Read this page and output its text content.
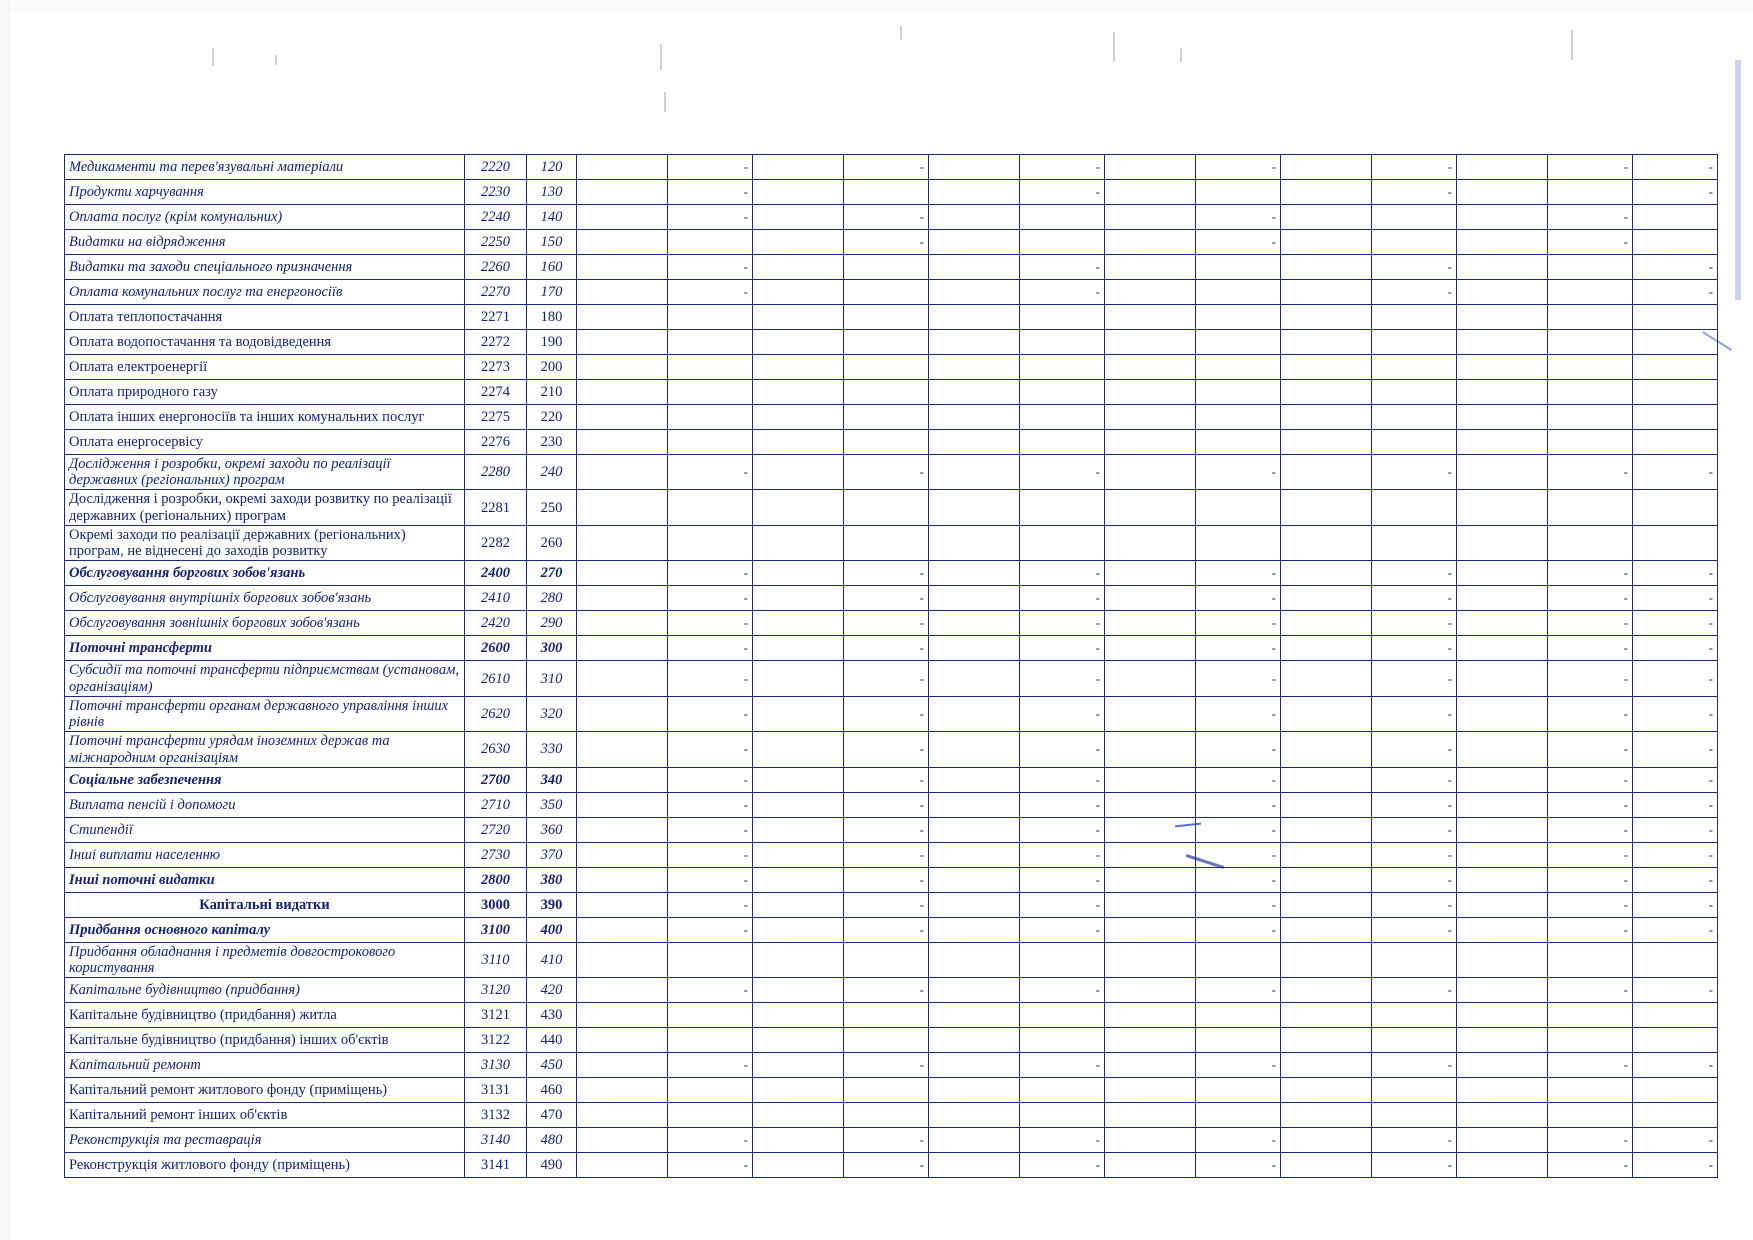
Медикаменти та перев'язувальні матеріали	2220	120		-		-		-		-		-		-	-
Продукти харчування	2230	130		-				-				-			-
Оплата послуг (крім комунальних)	2240	140		-		-				-				-	
Видатки на відрядження	2250	150				-				-				-	
Видатки та заходи спеціального призначення	2260	160		-				-				-			-
Оплата комунальних послуг та енергоносіїв	2270	170		-				-				-			-
Оплата теплопостачання	2271	180													
Оплата водопостачання та водовідведення	2272	190													
Оплата електроенергії	2273	200													
Оплата природного газу	2274	210													
Оплата інших енергоносіїв та інших комунальних послуг	2275	220													
Оплата енергосервісу	2276	230													
Дослідження і розробки, окремі заходи по реалізації державних (регіональних) програм	2280	240		-		-		-		-		-		-	-
Дослідження і розробки, окремі заходи розвитку по реалізації державних (регіональних) програм	2281	250													
Окремі заходи по реалізації державних (регіональних) програм, не віднесені до заходів розвитку	2282	260													
Обслуговування боргових зобов'язань	2400	270		-		-		-		-		-		-	-
Обслуговування внутрішніх боргових зобов'язань	2410	280		-		-		-		-		-		-	-
Обслуговування зовнішніх боргових зобов'язань	2420	290		-		-		-		-		-		-	-
Поточні трансферти	2600	300		-		-		-		-		-		-	-
Субсидії та поточні трансферти підприємствам (установам, організаціям)	2610	310		-		-		-		-		-		-	-
Поточні трансферти органам державного управління інших рівнів	2620	320		-		-		-		-		-		-	-
Поточні трансферти урядам іноземних держав та міжнародним організаціям	2630	330		-		-		-		-		-		-	-
Соціальне забезпечення	2700	340		-		-		-		-		-		-	-
Виплата пенсій і допомоги	2710	350		-		-		-		-		-		-	-
Стипендії	2720	360		-		-		-		-		-		-	-
Інші виплати населенню	2730	370		-		-		-		-		-		-	-
Інші поточні видатки	2800	380		-		-		-		-		-		-	-
Капітальні видатки	3000	390		-		-		-		-		-		-	-
Придбання основного капіталу	3100	400		-		-		-		-		-		-	-
Придбання обладнання і предметів довгострокового користування	3110	410													
Капітальне будівництво (придбання)	3120	420		-		-		-		-		-		-	-
Капітальне будівництво (придбання) житла	3121	430													
Капітальне будівництво (придбання) інших об'єктів	3122	440													
Капітальний ремонт	3130	450		-		-		-		-		-		-	-
Капітальний ремонт житлового фонду (приміщень)	3131	460													
Капітальний ремонт інших об'єктів	3132	470													
Реконструкція та реставрація	3140	480		-		-		-		-		-		-	-
Реконструкція житлового фонду (приміщень)	3141	490		-		-		-		-		-		-	-
